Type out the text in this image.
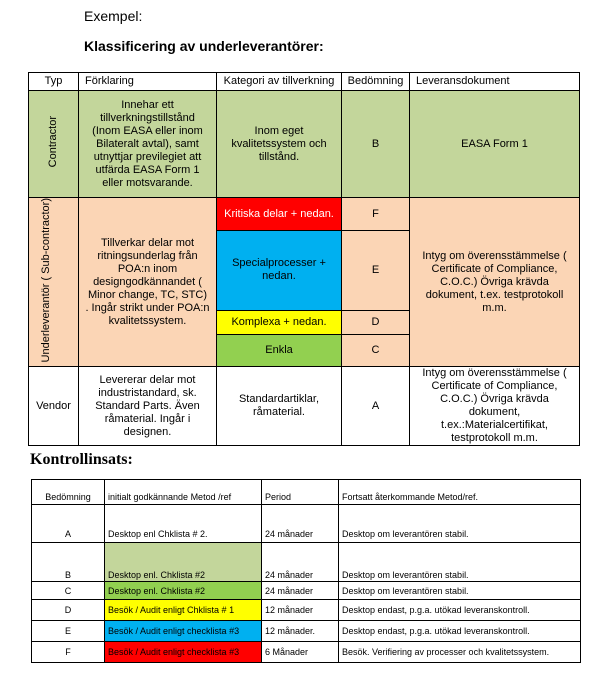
Exempel:
Klassificering av underleverantörer:
Typ	Förklaring	Kategori av tillverkning	Bedömning	Leveransdokument
Contractor	Innehar ett tillverkningstillstånd (Inom EASA eller inom Bilateralt avtal), samt utnyttjar previlegiet att utfärda EASA Form 1 eller motsvarande.	Inom eget kvalitetssystem och tillstånd.	B	EASA Form 1
Underleverantör ( Sub-contractor)	Tillverkar delar mot ritningsunderlag från POA:n inom designgodkännandet ( Minor change, TC, STC) . Ingår strikt under POA:n kvalitetssystem.	Kritiska delar + nedan.	F	Intyg om överensstämmelse ( Certificate of Compliance, C.O.C.) Övriga krävda dokument, t.ex. testprotokoll m.m.
		Specialprocesser + nedan.	E	
		Komplexa + nedan.	D	
		Enkla	C	
Vendor	Levererar delar mot industristandard, sk. Standard Parts. Även råmaterial. Ingår i designen.	Standardartiklar, råmaterial.	A	Intyg om överensstämmelse ( Certificate of Compliance, C.O.C.) Övriga krävda dokument, t.ex.:Materialcertifikat, testprotokoll m.m.
Kontrollinsats:
Bedömning	initialt godkännande Metod /ref	Period	Fortsatt återkommande Metod/ref.
A	Desktop enl Chklista # 2.	24 månader	Desktop om leverantören stabil.
B	Desktop enl. Chklista #2	24 månader	Desktop om leverantören stabil.
C	Desktop enl. Chklista #2	24 månader	Desktop om leverantören stabil.
D	Besök / Audit enligt Chklista # 1	12 månader	Desktop endast, p.g.a. utökad leveranskontroll.
E	Besök / Audit enligt checklista #3	12 månader.	Desktop endast, p.g.a. utökad leveranskontroll.
F	Besök / Audit enligt checklista #3	6 Månader	Besök. Verifiering av processer och kvalitetssystem.
